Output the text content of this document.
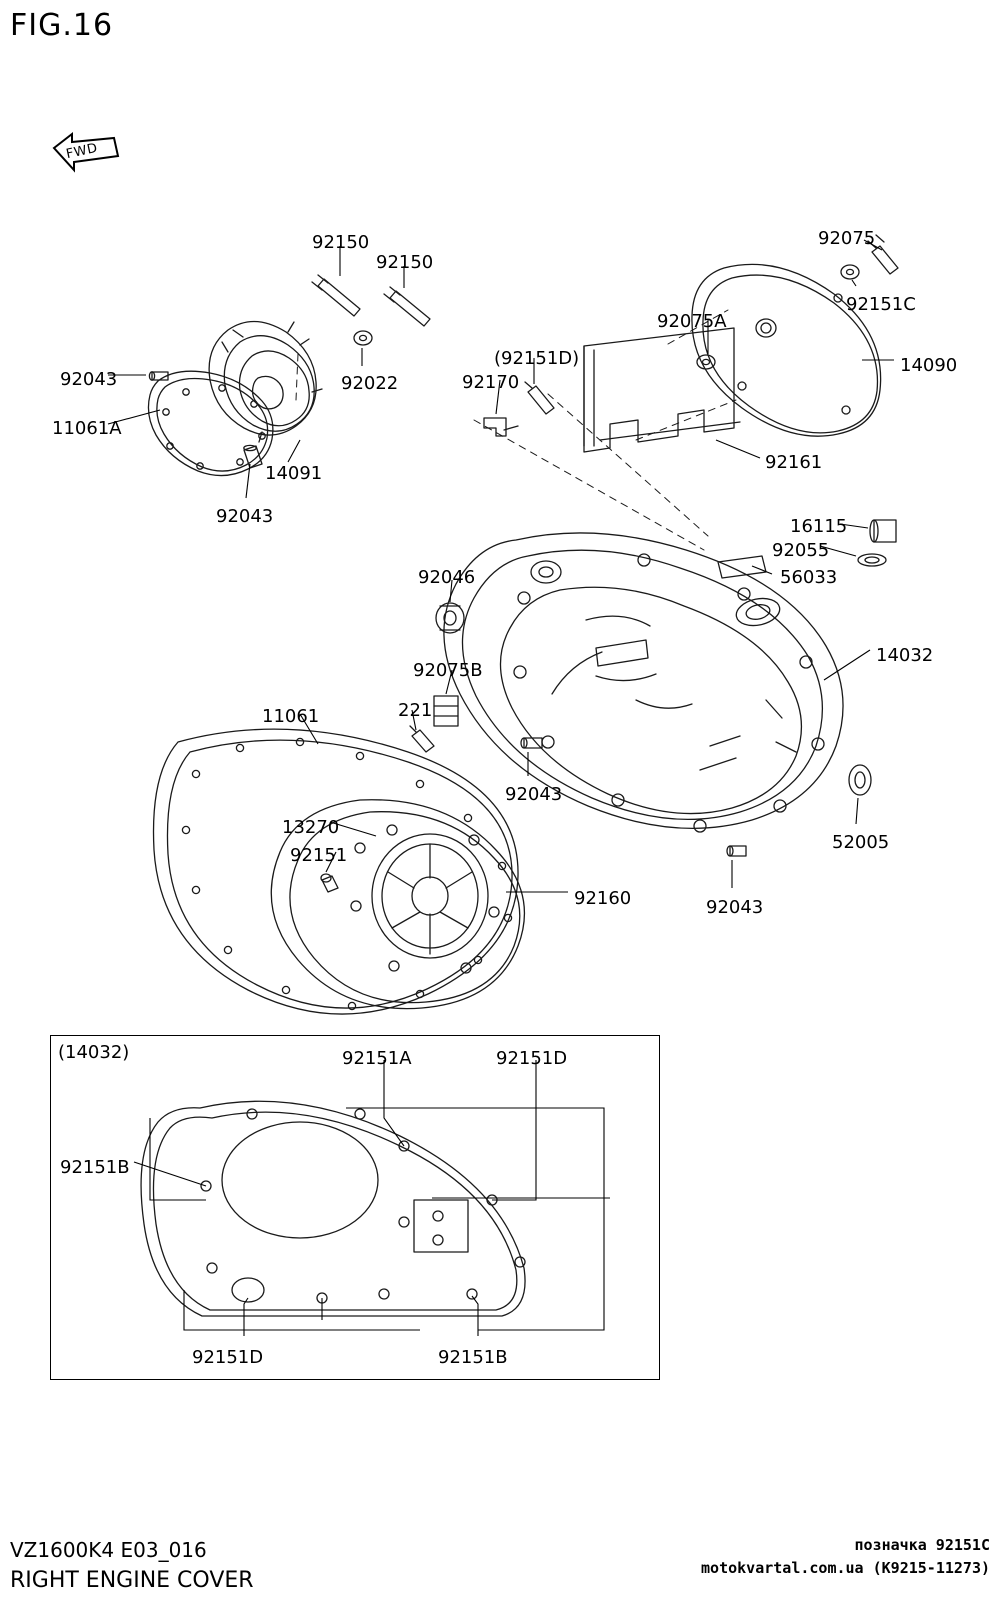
FIG.16
FWD
(14032)
92150
92150
92075
92151C
92075A
14090
92043	92022
(92151D)
92170
11061A
14091
92161
92043	16115
92055
56033
92046
14032
92075B
221
11061
92043
52005
13270
92151
92160	92043
92151A	92151D
92151B
92151D	92151B
VZ1600K4 E03_016
RIGHT ENGINE COVER
позначка 92151C
motokvartal.com.ua (K9215-11273)
